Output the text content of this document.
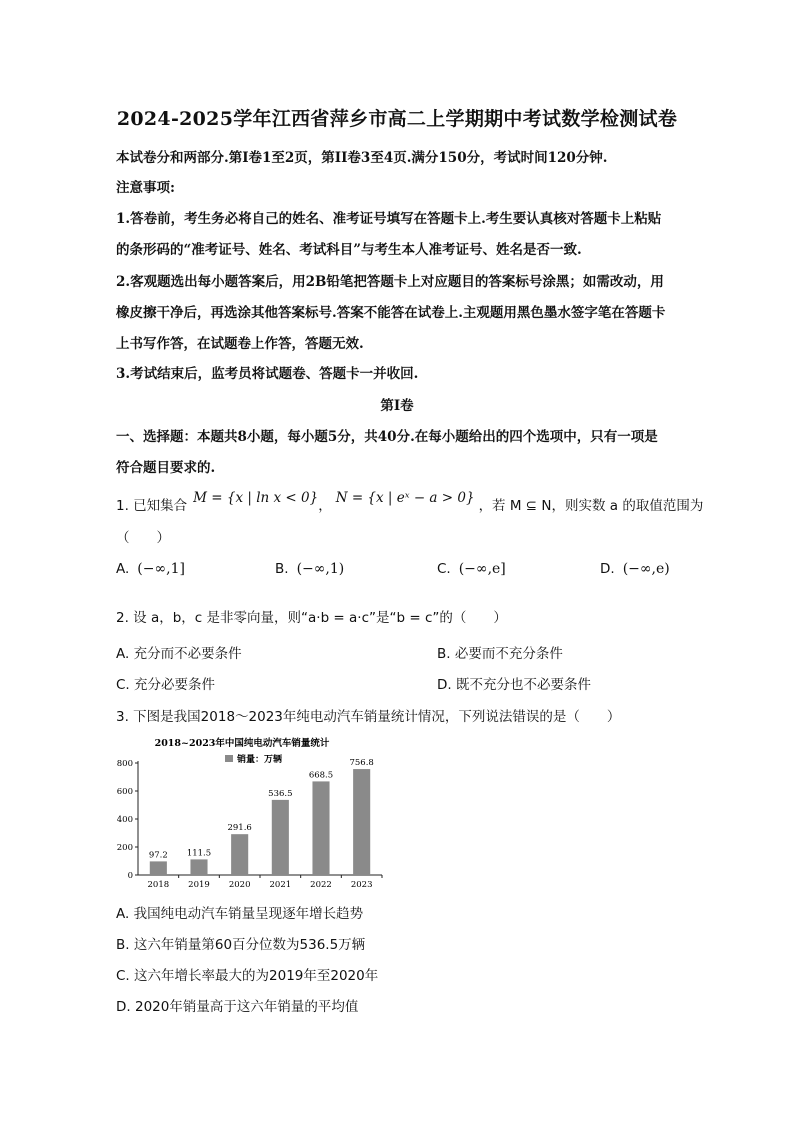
2024-2025学年江西省萍乡市高二上学期期中考试数学检测试卷
本试卷分和两部分.第I卷1至2页，第II卷3至4页.满分150分，考试时间120分钟.
注意事项:
1.答卷前，考生务必将自己的姓名、准考证号填写在答题卡上.考生要认真核对答题卡上粘贴
的条形码的“准考证号、姓名、考试科目”与考生本人准考证号、姓名是否一致.
2.客观题选出每小题答案后，用2B铅笔把答题卡上对应题目的答案标号涂黑；如需改动，用
橡皮擦干净后，再选涂其他答案标号.答案不能答在试卷上.主观题用黑色墨水签字笔在答题卡
上书写作答，在试题卷上作答，答题无效.
3.考试结束后，监考员将试题卷、答题卡一并收回.
第I卷
一、选择题：本题共8小题，每小题5分，共40分.在每小题给出的四个选项中，只有一项是
符合题目要求的.
1. 已知集合 M = {x | ln x < 0}， N = {x | eˣ − a > 0} ，若 M ⊆ N，则实数 a 的取值范围为
（　　）
A. (−∞,1]	B. (−∞,1)	C. (−∞,e]	D. (−∞,e)
2. 设 a，b，c 是非零向量，则“a·b = a·c”是“b = c”的（　　）
A. 充分而不必要条件	B. 必要而不充分条件
C. 充分必要条件	D. 既不充分也不必要条件
3. 下图是我国2018～2023年纯电动汽车销量统计情况，下列说法错误的是（　　）
2018~2023年中国纯电动汽车销量统计
销量：万辆
0
200
400
600
800
97.2
2018
111.5
2019
291.6
2020
536.5
2021
668.5
2022
756.8
2023
A. 我国纯电动汽车销量呈现逐年增长趋势
B. 这六年销量第60百分位数为536.5万辆
C. 这六年增长率最大的为2019年至2020年
D. 2020年销量高于这六年销量的平均值
